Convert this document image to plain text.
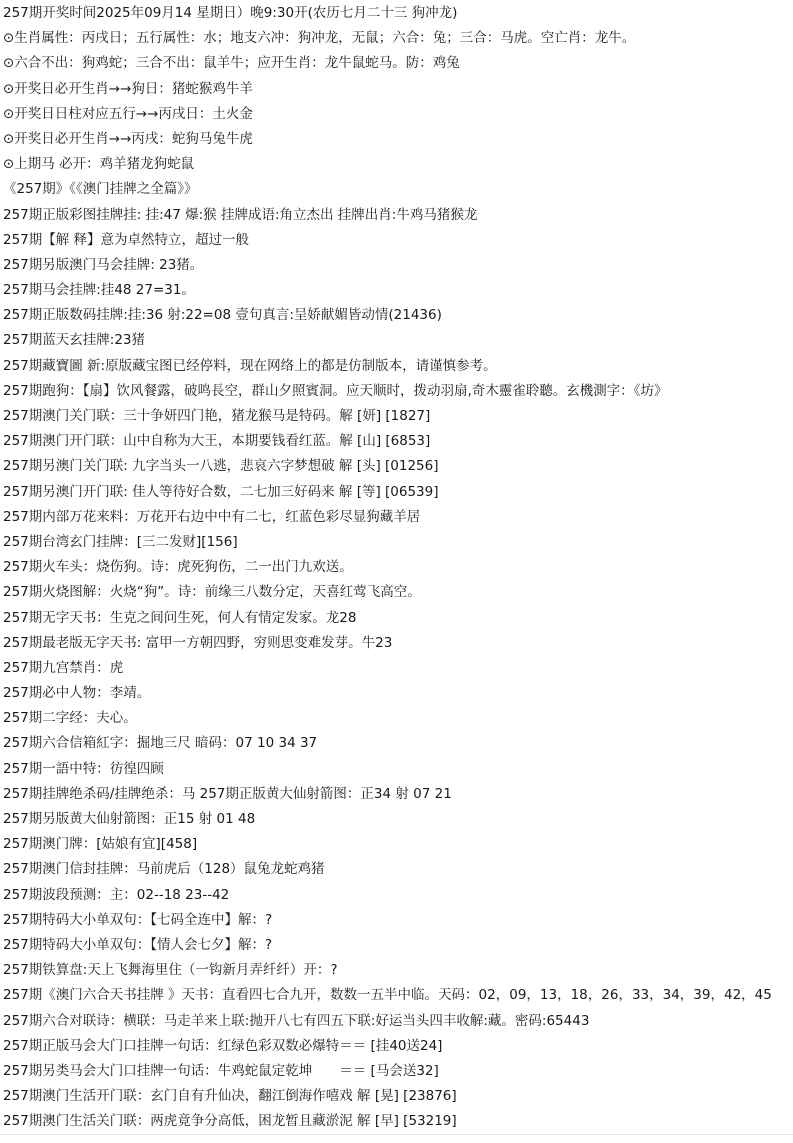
257期开奖时间2025年09月14 星期日）晚9:30开(农历七月二十三 狗冲龙)
⊙生肖属性：丙戌日；五行属性：水；地支六冲：狗冲龙，无鼠；六合：兔；三合：马虎。空亡肖：龙牛。
⊙六合不出：狗鸡蛇；三合不出：鼠羊牛；应开生肖：龙牛鼠蛇马。防：鸡兔
⊙开奖日必开生肖→→狗日：猪蛇猴鸡牛羊
⊙开奖日日柱对应五行→→丙戌日：土火金
⊙开奖日必开生肖→→丙戌：蛇狗马兔牛虎
⊙上期马 必开：鸡羊猪龙狗蛇鼠
《257期》《《澳门挂牌之全篇》》
257期正版彩图挂牌挂: 挂:47 爆:猴 挂牌成语:角立杰出 挂牌出肖:牛鸡马猪猴龙
257期【解 释】意为卓然特立，超过一般
257期另版澳门马会挂牌: 23猪。
257期马会挂牌:挂48 27=31。
257期正版数码挂牌:挂:36 射:22=08 壹句真言:呈娇献媚皆动情(21436)
257期蓝天玄挂牌:23猪
257期藏寶圖 新:原版藏宝图已经停料，现在网络上的都是仿制版本，请谨慎参考。
257期跑狗：【扇】饮风餐露，破鸣長空，群山夕照賓洞。应天顺时，拨动羽扇,奇木靈雀聆聽。玄機測字：《坊》
257期澳门关门联：三十争妍四门艳，猪龙猴马是特码。解 [妍] [1827]
257期澳门开门联：山中自称为大王，本期要钱看红蓝。解 [山] [6853]
257期另澳门关门联: 九字当头一八逃，悲哀六字梦想破 解 [头] [01256]
257期另澳门开门联: 佳人等待好合数，二七加三好码来 解 [等] [06539]
257期内部万花来料：万花开右边中中有二七，红蓝色彩尽显狗藏羊居
257期台湾玄门挂牌：[三二发财][156]
257期火车头：烧伤狗。诗：虎死狗伤，二一出门九欢送。
257期火烧图解：火烧“狗”。诗：前缘三八数分定，天喜红莺飞高空。
257期无字天书：生克之间问生死，何人有情定发家。龙28
257期最老版无字天书: 富甲一方朝四野，穷则思变难发芽。牛23
257期九宫禁肖：虎
257期必中人物：李靖。
257期二字经：夫心。
257期六合信箱紅字：掘地三尺 暗码：07 10 34 37
257期一語中特：彷徨四顾
257期挂牌绝杀码/挂牌绝杀：马 257期正版黄大仙射箭图：正34 射 07 21
257期另版黄大仙射箭图：正15 射 01 48
257期澳门牌：[姑娘有宜][458]
257期澳门信封挂牌：马前虎后（128）鼠兔龙蛇鸡猪
257期波段预测：主：02--18 23--42
257期特码大小单双句：【七码全连中】解：?
257期特码大小单双句：【情人会七夕】解：?
257期铁算盘:天上飞舞海里住（一钩新月弄纤纤）开：?
257期《澳门六合天书挂牌 》天书：直看四七合九开，数数一五半中临。天码：02，09，13，18，26，33，34，39，42，45
257期六合对联诗：横联：马走羊来上联:抛开八七有四五下联:好运当头四丰收解:藏。密码:65443
257期正版马会大门口挂牌一句话：红绿色彩双数必爆特＝＝ [挂40送24]
257期另类马会大门口挂牌一句话：牛鸡蛇鼠定乾坤　　＝＝ [马会送32]
257期澳门生活开门联：玄门自有升仙决，翻江倒海作嘻戏 解 [晃] [23876]
257期澳门生活关门联：两虎竟争分高低，困龙暂且藏淤泥 解 [早] [53219]
